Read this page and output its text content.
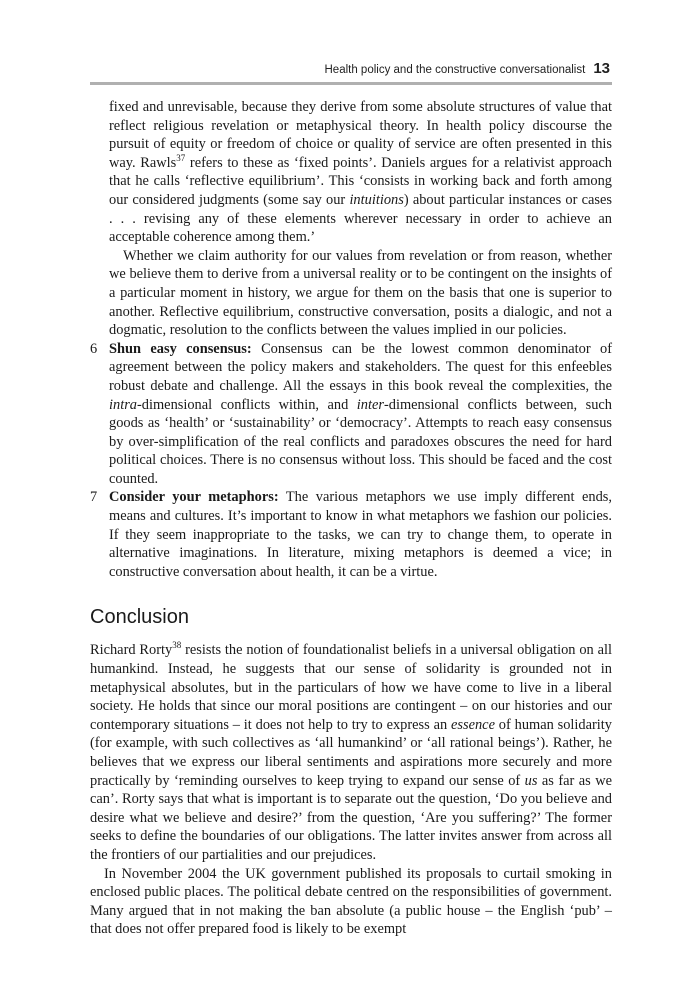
Health policy and the constructive conversationalist 13

fixed and unrevisable, because they derive from some absolute structures of value that reflect religious revelation or metaphysical theory. In health policy discourse the pursuit of equity or freedom of choice or quality of service are often presented in this way. Rawls$^{37}$ refers to these as ‘fixed points’. Daniels argues for a relativist approach that he calls ‘reflective equilibrium’. This ‘consists in working back and forth among our considered judgments (some say our intuitions) about particular instances or cases . . . revising any of these elements wherever necessary in order to achieve an acceptable coherence among them.’

Whether we claim authority for our values from revelation or from reason, whether we believe them to derive from a universal reality or to be contingent on the insights of a particular moment in history, we argue for them on the basis that one is superior to another. Reflective equilibrium, constructive conversation, posits a dialogic, and not a dogmatic, resolution to the conflicts between the values implied in our policies.

6 Shun easy consensus: Consensus can be the lowest common denominator of agreement between the policy makers and stakeholders. The quest for this enfeebles robust debate and challenge. All the essays in this book reveal the complexities, the intra-dimensional conflicts within, and inter-dimensional conflicts between, such goods as ‘health’ or ‘sustainability’ or ‘democracy’. Attempts to reach easy consensus by over-simplification of the real conflicts and paradoxes obscures the need for hard political choices. There is no consensus without loss. This should be faced and the cost counted.

7 Consider your metaphors: The various metaphors we use imply different ends, means and cultures. It’s important to know in what metaphors we fashion our policies. If they seem inappropriate to the tasks, we can try to change them, to operate in alternative imaginations. In literature, mixing metaphors is deemed a vice; in constructive conversation about health, it can be a virtue.

Conclusion

Richard Rorty$^{38}$ resists the notion of foundationalist beliefs in a universal obligation on all humankind. Instead, he suggests that our sense of solidarity is grounded not in metaphysical absolutes, but in the particulars of how we have come to live in a liberal society. He holds that since our moral positions are contingent – on our histories and our contemporary situations – it does not help to try to express an essence of human solidarity (for example, with such collectives as ‘all humankind’ or ‘all rational beings’). Rather, he believes that we express our liberal sentiments and aspirations more securely and more practically by ‘reminding ourselves to keep trying to expand our sense of us as far as we can’. Rorty says that what is important is to separate out the question, ‘Do you believe and desire what we believe and desire?’ from the question, ‘Are you suffering?’ The former seeks to define the boundaries of our obligations. The latter invites answer from across all the frontiers of our partialities and our prejudices.

In November 2004 the UK government published its proposals to curtail smoking in enclosed public places. The political debate centred on the responsibilities of government. Many argued that in not making the ban absolute (a public house – the English ‘pub’ – that does not offer prepared food is likely to be exempt
